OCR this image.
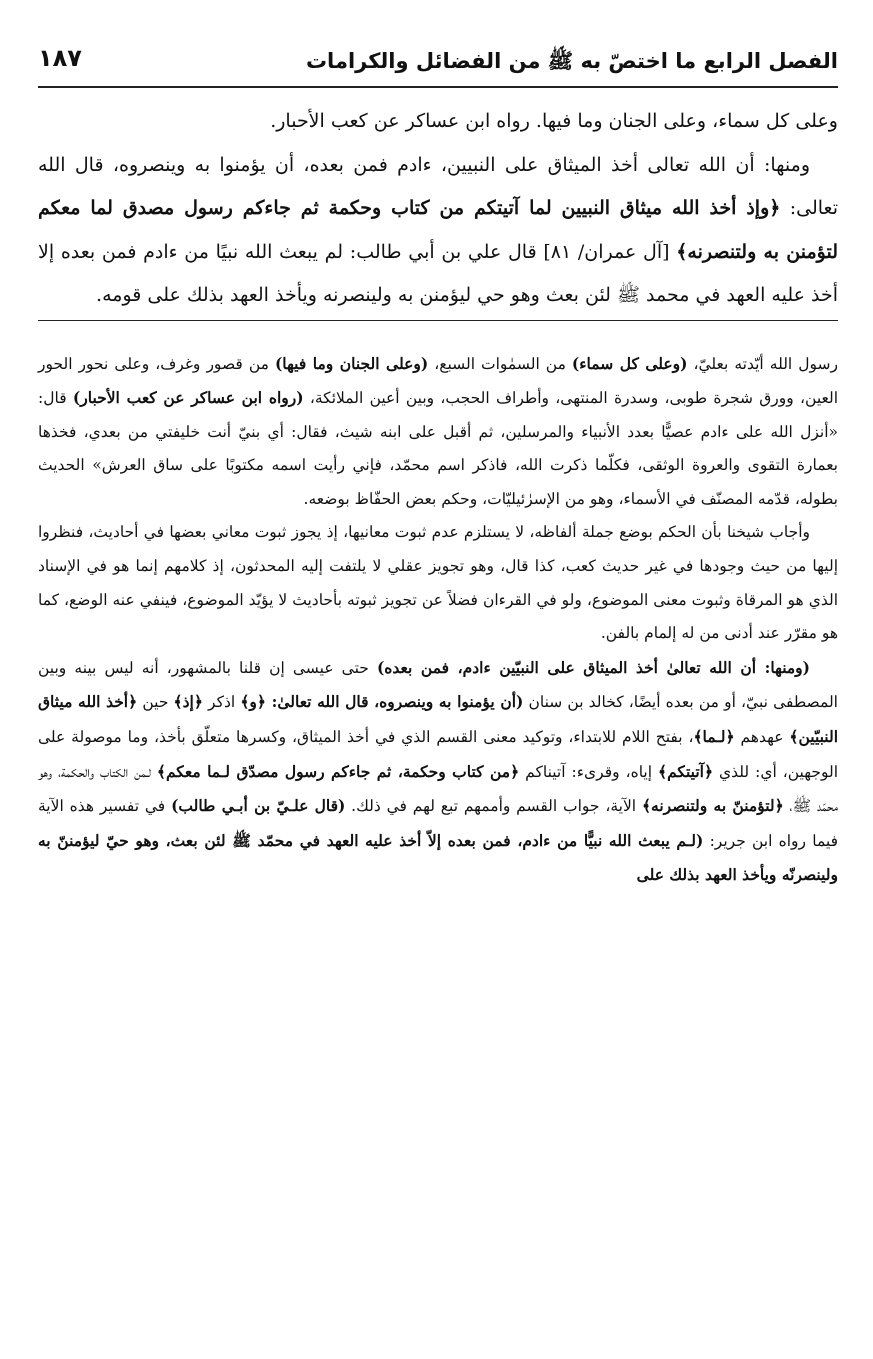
الفصل الرابع ما اختصّ به ﷺ من الفضائل والكرامات
١٨٧

وعلى كل سماء، وعلى الجنان وما فيها. رواه ابن عساكر عن كعب الأحبار.

ومنها: أن الله تعالى أخذ الميثاق على النبيين، ءادم فمن بعده، أن يؤمنوا به وينصروه، قال الله تعالى: ﴿وإذ أخذ الله ميثاق النبيين لما آتيتكم من كتاب وحكمة ثم جاءكم رسول مصدق لما معكم لتؤمنن به ولتنصرنه﴾ [آل عمران/ ٨١] قال علي بن أبي طالب: لم يبعث الله نبيًا من ءادم فمن بعده إلا أخذ عليه العهد في محمد ﷺ لئن بعث وهو حي ليؤمنن به ولينصرنه ويأخذ العهد بذلك على قومه.

رسول الله أيّدته بعليّ، (وعلى كل سماء) من السمٰوات السبع، (وعلى الجنان وما فيها) من قصور وغرف، وعلى نحور الحور العين، وورق شجرة طوبى، وسدرة المنتهى، وأطراف الحجب، وبين أعين الملائكة، (رواه ابن عساكر عن كعب الأحبار) قال: «أنزل الله على ءادم عصيًّا بعدد الأنبياء والمرسلين، ثم أقبل على ابنه شيث، فقال: أي بنيّ أنت خليفتي من بعدي، فخذها بعمارة التقوى والعروة الوثقى، فكلّما ذكرت الله، فاذكر اسم محمّد، فإني رأيت اسمه مكتوبًا على ساق العرش» الحديث بطوله، قدّمه المصنّف في الأسماء، وهو من الإسرٰئيليّات، وحكم بعض الحفّاظ بوضعه.

وأجاب شيخنا بأن الحكم بوضع جملة ألفاظه، لا يستلزم عدم ثبوت معانيها، إذ يجوز ثبوت معاني بعضها في أحاديث، فنظروا إليها من حيث وجودها في غير حديث كعب، كذا قال، وهو تجويز عقلي لا يلتفت إليه المحدثون، إذ كلامهم إنما هو في الإسناد الذي هو المرقاة وثبوت معنى الموضوع، ولو في القرءان فضلاً عن تجويز ثبوته بأحاديث لا يؤيّد الموضوع، فينفي عنه الوضع، كما هو مقرّر عند أدنى من له إلمام بالفن.

(ومنها: أن الله تعالىٰ أخذ الميثاق على النبيّين ءادم، فمن بعده) حتى عيسى إن قلنا بالمشهور، أنه ليس بينه وبين المصطفى نبيّ، أو من بعده أيضًا، كخالد بن سنان (أن يؤمنوا به وينصروه، قال الله تعالىٰ: ﴿و﴾ اذكر ﴿إذ﴾ حين ﴿أخذ الله ميثاق النبيّين﴾ عهدهم ﴿لـما﴾، بفتح اللام للابتداء، وتوكيد معنى القسم الذي في أخذ الميثاق، وكسرها متعلّق بأخذ، وما موصولة على الوجهين، أي: للذي ﴿آتيتكم﴾ إياه، وقرىء: آتيناكم ﴿من كتاب وحكمة، ثم جاءكم رسول مصدّق لـما معكم﴾ لـمن الكتاب والحكمة، وهو محمّد ﷺ، ﴿لتؤمننّ به ولتنصرنه﴾ الآية، جواب القسم وأممهم تبع لهم في ذلك. (قال علـيّ بن أبـي طالب) في تفسير هذه الآية فيما رواه ابن جرير: (لـم يبعث الله نبيًّا من ءادم، فمن بعده إلاّ أخذ عليه العهد في محمّد ﷺ لئن بعث، وهو حيّ ليؤمننّ به ولينصرنّه ويأخذ العهد بذلك على
